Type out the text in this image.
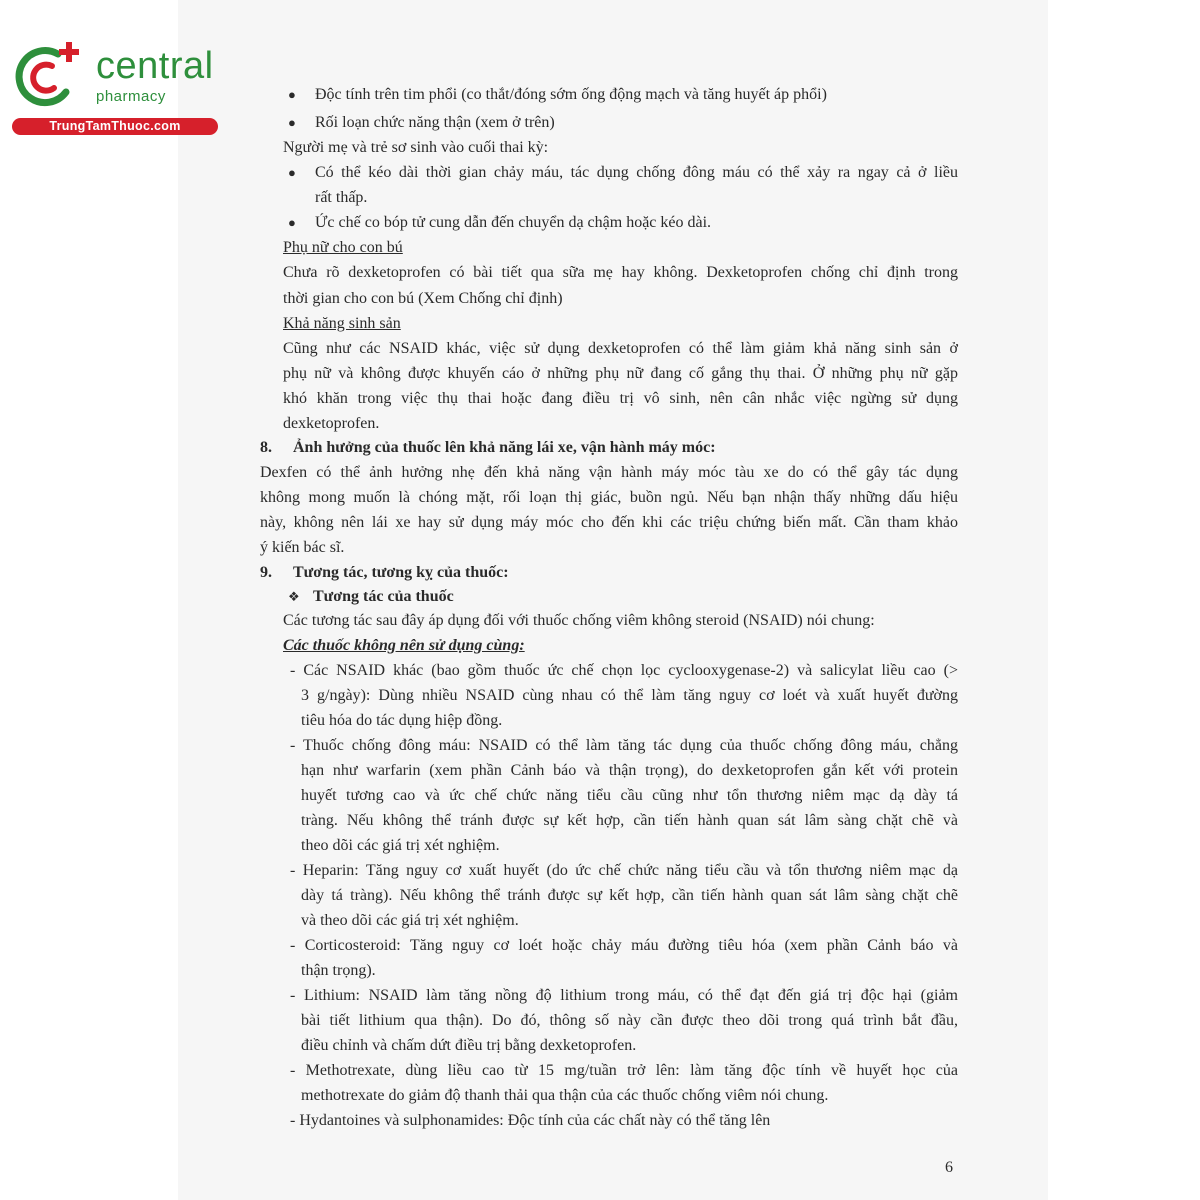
central
pharmacy
TrungTamThuoc.com
● Độc tính trên tim phổi (co thắt/đóng sớm ống động mạch và tăng huyết áp phổi)
● Rối loạn chức năng thận (xem ở trên)
Người mẹ và trẻ sơ sinh vào cuối thai kỳ:
● Có thể kéo dài thời gian chảy máu, tác dụng chống đông máu có thể xảy ra ngay cả ở liều
rất thấp.
● Ức chế co bóp tử cung dẫn đến chuyển dạ chậm hoặc kéo dài.
Phụ nữ cho con bú
Chưa rõ dexketoprofen có bài tiết qua sữa mẹ hay không. Dexketoprofen chống chỉ định trong
thời gian cho con bú (Xem Chống chỉ định)
Khả năng sinh sản
Cũng như các NSAID khác, việc sử dụng dexketoprofen có thể làm giảm khả năng sinh sản ở
phụ nữ và không được khuyến cáo ở những phụ nữ đang cố gắng thụ thai. Ở những phụ nữ gặp
khó khăn trong việc thụ thai hoặc đang điều trị vô sinh, nên cân nhắc việc ngừng sử dụng
dexketoprofen.
8. Ảnh hưởng của thuốc lên khả năng lái xe, vận hành máy móc:
Dexfen có thể ảnh hưởng nhẹ đến khả năng vận hành máy móc tàu xe do có thể gây tác dụng
không mong muốn là chóng mặt, rối loạn thị giác, buồn ngủ. Nếu bạn nhận thấy những dấu hiệu
này, không nên lái xe hay sử dụng máy móc cho đến khi các triệu chứng biến mất. Cần tham khảo
ý kiến bác sĩ.
9. Tương tác, tương kỵ của thuốc:
❖ Tương tác của thuốc
Các tương tác sau đây áp dụng đối với thuốc chống viêm không steroid (NSAID) nói chung:
Các thuốc không nên sử dụng cùng:
- Các NSAID khác (bao gồm thuốc ức chế chọn lọc cyclooxygenase-2) và salicylat liều cao (>
3 g/ngày): Dùng nhiều NSAID cùng nhau có thể làm tăng nguy cơ loét và xuất huyết đường
tiêu hóa do tác dụng hiệp đồng.
- Thuốc chống đông máu: NSAID có thể làm tăng tác dụng của thuốc chống đông máu, chẳng
hạn như warfarin (xem phần Cảnh báo và thận trọng), do dexketoprofen gắn kết với protein
huyết tương cao và ức chế chức năng tiểu cầu cũng như tổn thương niêm mạc dạ dày tá
tràng. Nếu không thể tránh được sự kết hợp, cần tiến hành quan sát lâm sàng chặt chẽ và
theo dõi các giá trị xét nghiệm.
- Heparin: Tăng nguy cơ xuất huyết (do ức chế chức năng tiểu cầu và tổn thương niêm mạc dạ
dày tá tràng). Nếu không thể tránh được sự kết hợp, cần tiến hành quan sát lâm sàng chặt chẽ
và theo dõi các giá trị xét nghiệm.
- Corticosteroid: Tăng nguy cơ loét hoặc chảy máu đường tiêu hóa (xem phần Cảnh báo và
thận trọng).
- Lithium: NSAID làm tăng nồng độ lithium trong máu, có thể đạt đến giá trị độc hại (giảm
bài tiết lithium qua thận). Do đó, thông số này cần được theo dõi trong quá trình bắt đầu,
điều chỉnh và chấm dứt điều trị bằng dexketoprofen.
- Methotrexate, dùng liều cao từ 15 mg/tuần trở lên: làm tăng độc tính về huyết học của
methotrexate do giảm độ thanh thải qua thận của các thuốc chống viêm nói chung.
- Hydantoines và sulphonamides: Độc tính của các chất này có thể tăng lên
6
